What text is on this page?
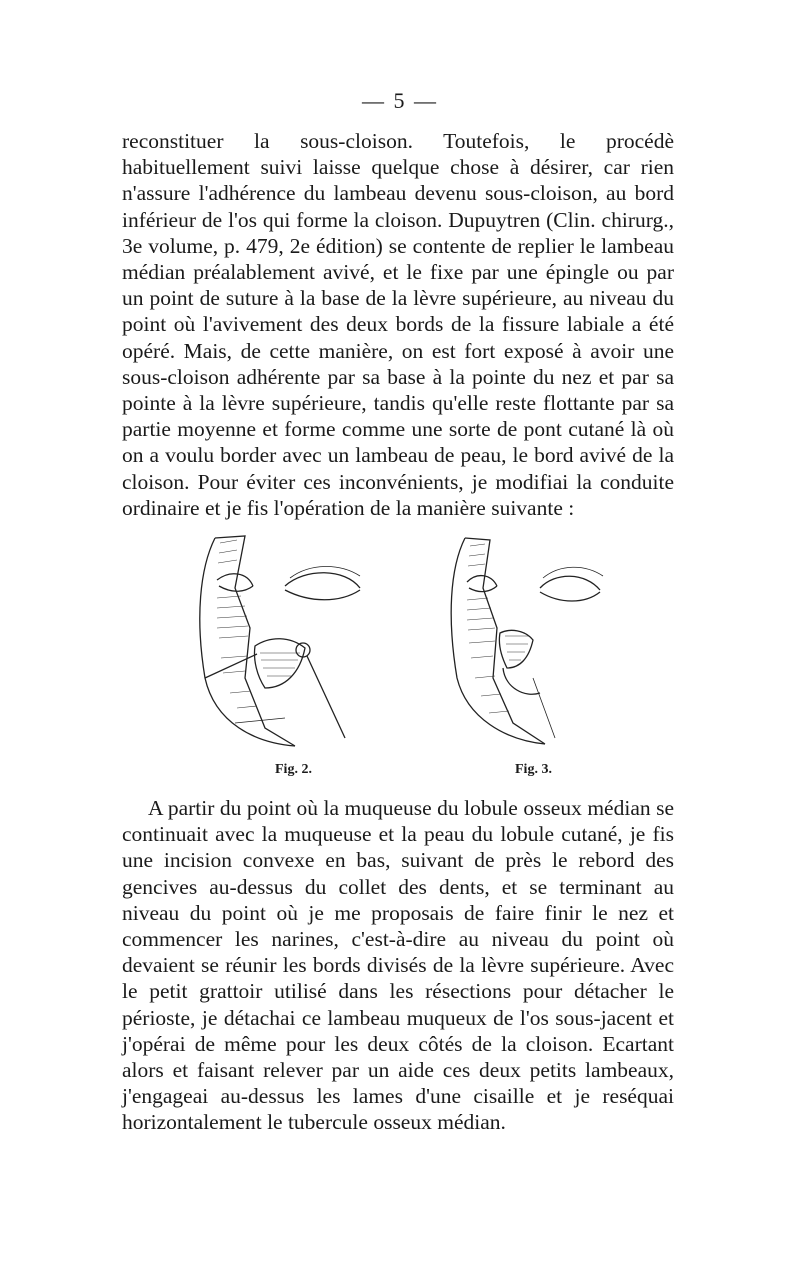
— 5 —

reconstituer la sous-cloison. Toutefois, le procédè habituellement suivi laisse quelque chose à désirer, car rien n'assure l'adhérence du lambeau devenu sous-cloison, au bord inférieur de l'os qui forme la cloison. Dupuytren (Clin. chirurg., 3e volume, p. 479, 2e édition) se contente de replier le lambeau médian préalablement avivé, et le fixe par une épingle ou par un point de suture à la base de la lèvre supérieure, au niveau du point où l'avivement des deux bords de la fissure labiale a été opéré. Mais, de cette manière, on est fort exposé à avoir une sous-cloison adhérente par sa base à la pointe du nez et par sa pointe à la lèvre supérieure, tandis qu'elle reste flottante par sa partie moyenne et forme comme une sorte de pont cutané là où on a voulu border avec un lambeau de peau, le bord avivé de la cloison. Pour éviter ces inconvénients, je modifiai la conduite ordinaire et je fis l'opération de la manière suivante :

Fig. 2.	Fig. 3.

A partir du point où la muqueuse du lobule osseux médian se continuait avec la muqueuse et la peau du lobule cutané, je fis une incision convexe en bas, suivant de près le rebord des gencives au-dessus du collet des dents, et se terminant au niveau du point où je me proposais de faire finir le nez et commencer les narines, c'est-à-dire au niveau du point où devaient se réunir les bords divisés de la lèvre supérieure. Avec le petit grattoir utilisé dans les résections pour détacher le périoste, je détachai ce lambeau muqueux de l'os sous-jacent et j'opérai de même pour les deux côtés de la cloison. Ecartant alors et faisant relever par un aide ces deux petits lambeaux, j'engageai au-dessus les lames d'une cisaille et je reséquai horizontalement le tubercule osseux médian.
